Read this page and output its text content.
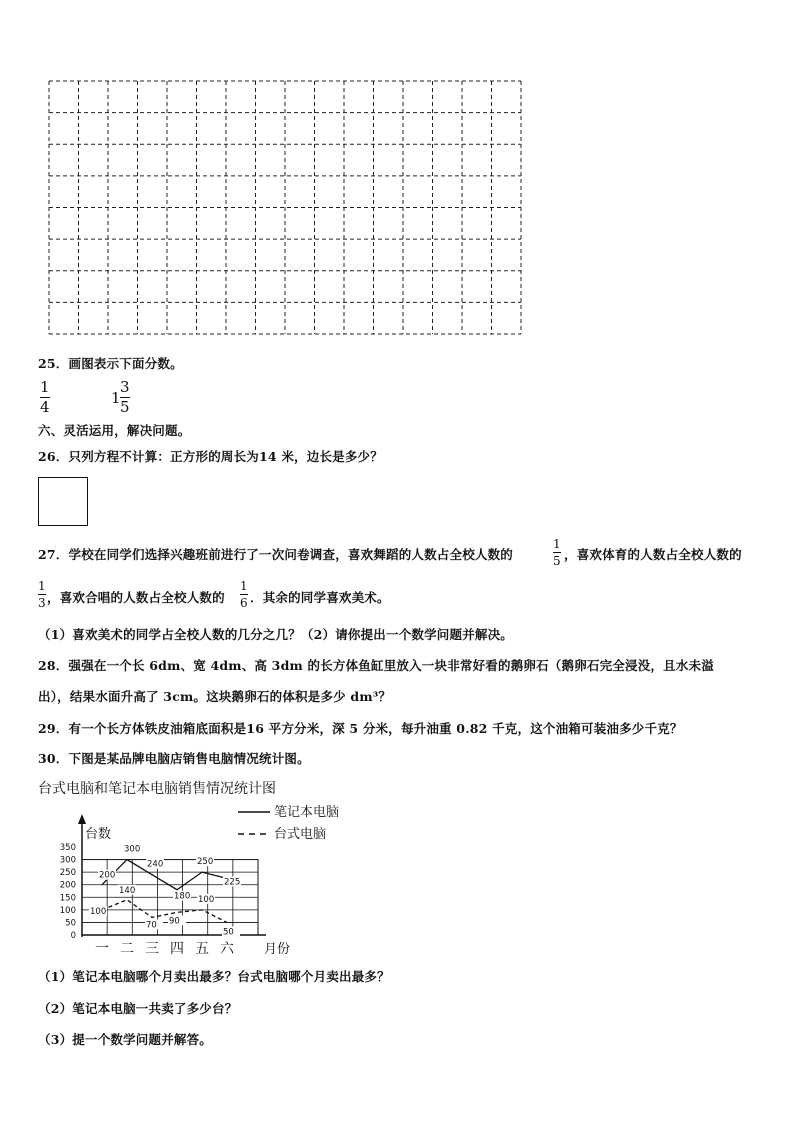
25．画图表示下面分数。
1
4	1
3
5
六、灵活运用，解决问题。
26．只列方程不计算：正方形的周长为14 米，边长是多少？
27．学校在同学们选择兴趣班前进行了一次问卷调查，喜欢舞蹈的人数占全校人数的
1
5 ，喜欢体育的人数占全校人数的
1
3 ，喜欢合唱的人数占全校人数的
1
6 ．其余的同学喜欢美术。
（1）喜欢美术的同学占全校人数的几分之几？（2）请你提出一个数学问题并解决。
28．强强在一个长 6dm、宽 4dm、高 3dm 的长方体鱼缸里放入一块非常好看的鹅卵石（鹅卵石完全浸没，且水未溢
出），结果水面升高了 3cm。这块鹅卵石的体积是多少 dm³？
29．有一个长方体铁皮油箱底面积是16 平方分米，深 5 分米，每升油重 0.82 千克，这个油箱可装油多少千克？
30．下图是某品牌电脑店销售电脑情况统计图。
台式电脑和笔记本电脑销售情况统计图
0
50
100
150
200
250
300
350
台数
一 二 三 四 五 六 月份
200
300
240
180
250
225
100
140
70 90
100
50
笔记本电脑
台式电脑
（1）笔记本电脑哪个月卖出最多？台式电脑哪个月卖出最多？
（2）笔记本电脑一共卖了多少台？
（3）提一个数学问题并解答。
